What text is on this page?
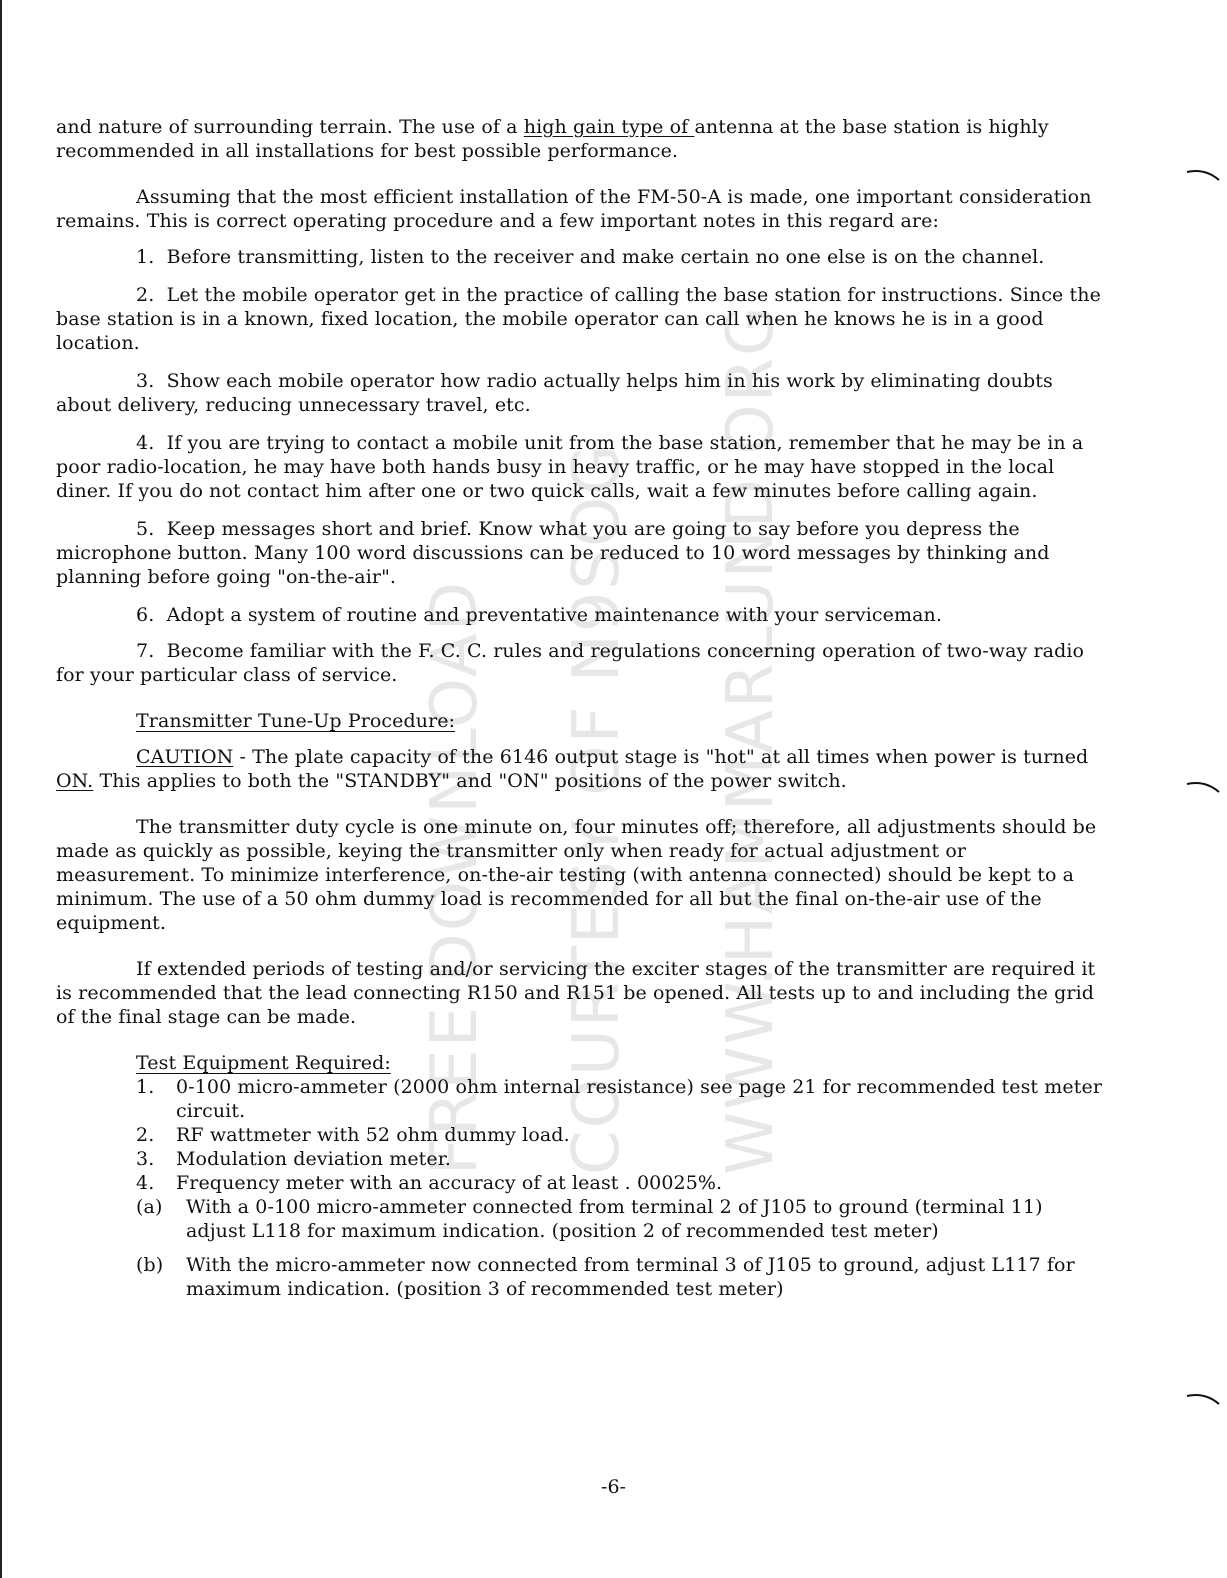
FREE DOWNLOAD COURTESY OF N9SOG WWW.HAMMARLUND.ORG

and nature of surrounding terrain. The use of a high gain type of antenna at the base station is highly recommended in all installations for best possible performance.

Assuming that the most efficient installation of the FM-50-A is made, one important consideration remains. This is correct operating procedure and a few important notes in this regard are:

1. Before transmitting, listen to the receiver and make certain no one else is on the channel.

2. Let the mobile operator get in the practice of calling the base station for instructions. Since the base station is in a known, fixed location, the mobile operator can call when he knows he is in a good location.

3. Show each mobile operator how radio actually helps him in his work by eliminating doubts about delivery, reducing unnecessary travel, etc.

4. If you are trying to contact a mobile unit from the base station, remember that he may be in a poor radio-location, he may have both hands busy in heavy traffic, or he may have stopped in the local diner. If you do not contact him after one or two quick calls, wait a few minutes before calling again.

5. Keep messages short and brief. Know what you are going to say before you depress the microphone button. Many 100 word discussions can be reduced to 10 word messages by thinking and planning before going "on-the-air".

6. Adopt a system of routine and preventative maintenance with your serviceman.

7. Become familiar with the F. C. C. rules and regulations concerning operation of two-way radio for your particular class of service.

Transmitter Tune-Up Procedure:

CAUTION - The plate capacity of the 6146 output stage is "hot" at all times when power is turned ON. This applies to both the "STANDBY" and "ON" positions of the power switch.

The transmitter duty cycle is one minute on, four minutes off; therefore, all adjustments should be made as quickly as possible, keying the transmitter only when ready for actual adjustment or measurement. To minimize interference, on-the-air testing (with antenna connected) should be kept to a minimum. The use of a 50 ohm dummy load is recommended for all but the final on-the-air use of the equipment.

If extended periods of testing and/or servicing the exciter stages of the transmitter are required it is recommended that the lead connecting R150 and R151 be opened. All tests up to and including the grid of the final stage can be made.

Test Equipment Required:

1. 0-100 micro-ammeter (2000 ohm internal resistance) see page 21 for recommended test meter circuit.
2. RF wattmeter with 52 ohm dummy load.
3. Modulation deviation meter.
4. Frequency meter with an accuracy of at least . 00025%.
(a) With a 0-100 micro-ammeter connected from terminal 2 of J105 to ground (terminal 11) adjust L118 for maximum indication. (position 2 of recommended test meter)
(b) With the micro-ammeter now connected from terminal 3 of J105 to ground, adjust L117 for maximum indication. (position 3 of recommended test meter)
-6-
